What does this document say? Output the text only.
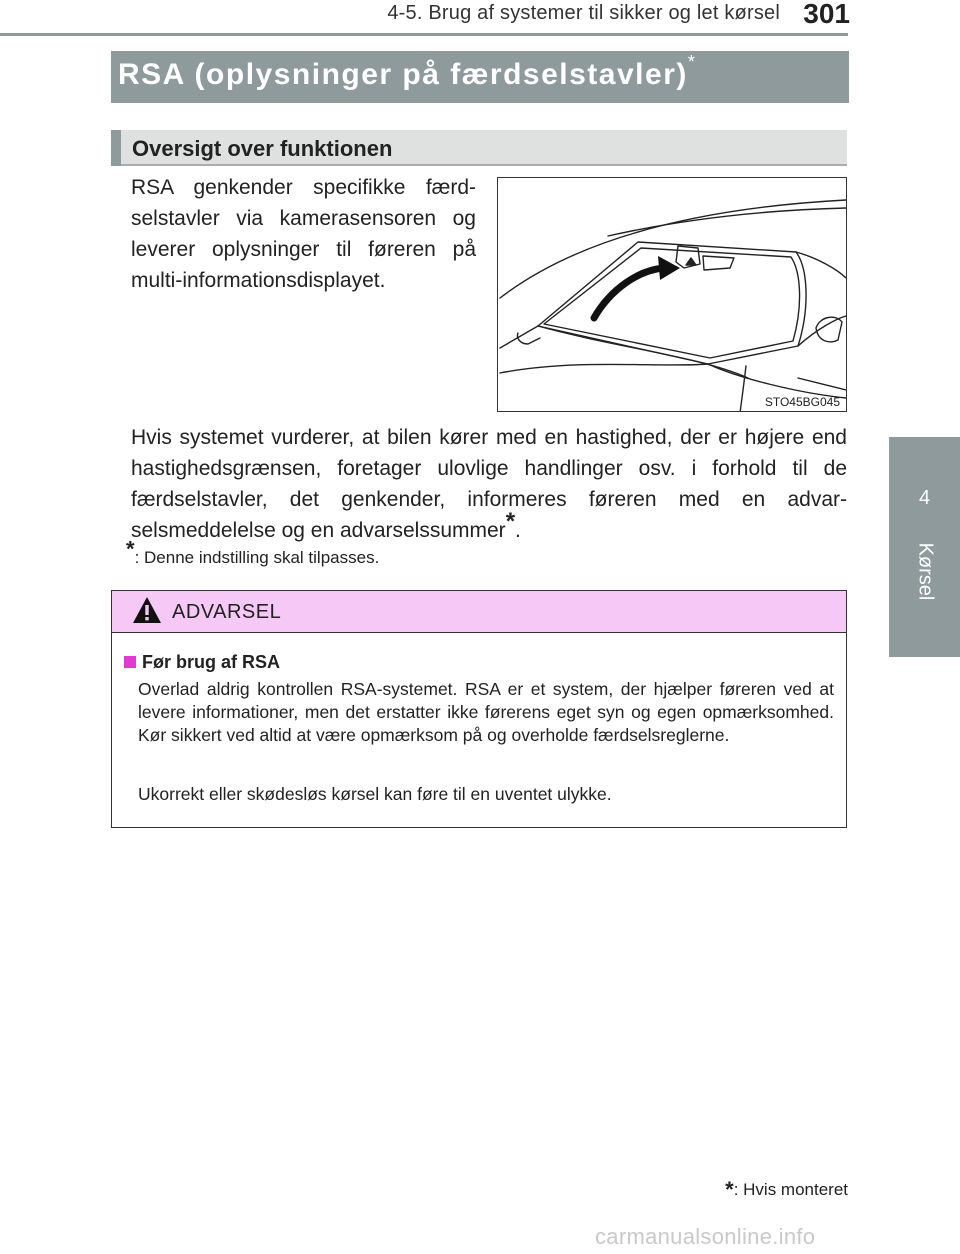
4-5. Brug af systemer til sikker og let kørsel 301
4
Kørsel
RSA (oplysninger på færdselstavler)*
Oversigt over funktionen
RSA genkender specifikke færd-selstavler via kamerasensoren og leverer oplysninger til føreren på multi-informationsdisplayet.
STO45BG045
Hvis systemet vurderer, at bilen kører med en hastighed, der er højere end hastighedsgrænsen, foretager ulovlige handlinger osv. i forhold til de færdselstavler, det genkender, informeres føreren med en advar-selsmeddelelse og en advarselssummer*.
*: Denne indstilling skal tilpasses.
ADVARSEL
Før brug af RSA
Overlad aldrig kontrollen RSA-systemet. RSA er et system, der hjælper føreren ved at levere informationer, men det erstatter ikke førerens eget syn og egen opmærksomhed. Kør sikkert ved altid at være opmærksom på og overholde færdselsreglerne.
Ukorrekt eller skødesløs kørsel kan føre til en uventet ulykke.
*: Hvis monteret
carmanualsonline.info
